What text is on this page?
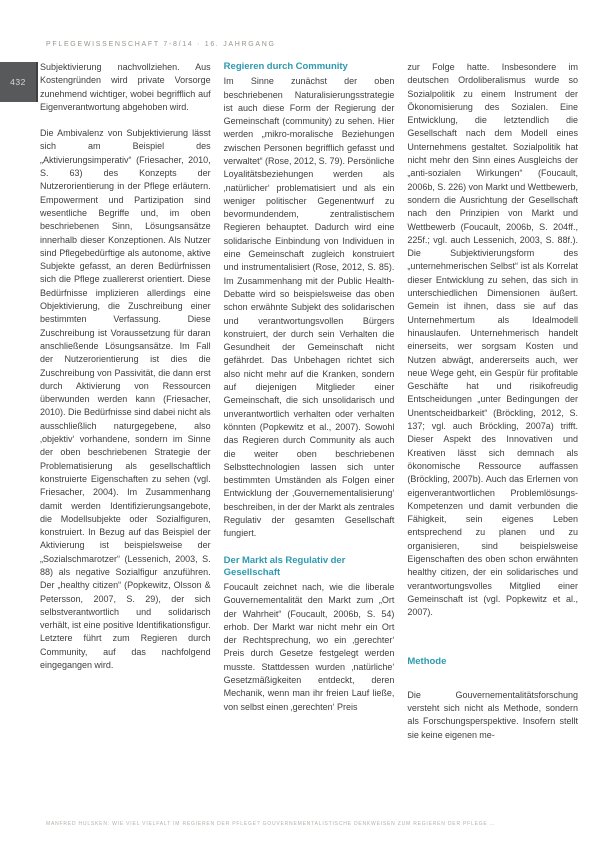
PFLEGEWISSENSCHAFT 7-8/14 · 16. JAHRGANG
432

Subjektivierung nachvollziehen. Aus Kostengründen wird private Vorsorge zunehmend wichtiger, wobei begrifflich auf Eigenverantwortung abgehoben wird.

Die Ambivalenz von Subjektivierung lässt sich am Beispiel des „Aktivierungsimperativ“ (Friesacher, 2010, S. 63) des Konzepts der Nutzerorientierung in der Pflege erläutern. Empowerment und Partizipation sind wesentliche Begriffe und, im oben beschriebenen Sinn, Lösungsansätze innerhalb dieser Konzeptionen. Als Nutzer sind Pflegebedürftige als autonome, aktive Subjekte gefasst, an deren Bedürfnissen sich die Pflege zuallererst orientiert. Diese Bedürfnisse implizieren allerdings eine Objektivierung, die Zuschreibung einer bestimmten Verfassung. Diese Zuschreibung ist Voraussetzung für daran anschließende Lösungsansätze. Im Fall der Nutzerorientierung ist dies die Zuschreibung von Passivität, die dann erst durch Aktivierung von Ressourcen überwunden werden kann (Friesacher, 2010). Die Bedürfnisse sind dabei nicht als ausschließlich naturgegebene, also ‚objektiv‘ vorhandene, sondern im Sinne der oben beschriebenen Strategie der Problematisierung als gesellschaftlich konstruierte Eigenschaften zu sehen (vgl. Friesacher, 2004). Im Zusammenhang damit werden Identifizierungsangebote, die Modellsubjekte oder Sozialfiguren, konstruiert. In Bezug auf das Beispiel der Aktivierung ist beispielsweise der „Sozialschmarotzer“ (Lessenich, 2003, S. 88) als negative Sozialfigur anzuführen. Der „healthy citizen“ (Popkewitz, Olsson & Petersson, 2007, S. 29), der sich selbstverantwortlich und solidarisch verhält, ist eine positive Identifikationsfigur. Letztere führt zum Regieren durch Community, auf das nachfolgend eingegangen wird.

Regieren durch Community

Im Sinne zunächst der oben beschriebenen Naturalisierungsstrategie ist auch diese Form der Regierung der Gemeinschaft (community) zu sehen. Hier werden „mikro-moralische Beziehungen zwischen Personen begrifflich gefasst und verwaltet“ (Rose, 2012, S. 79). Persönliche Loyalitätsbeziehungen werden als ‚natürlicher‘ problematisiert und als ein weniger politischer Gegenentwurf zu bevormundendem, zentralistischem Regieren behauptet. Dadurch wird eine solidarische Einbindung von Individuen in eine Gemeinschaft zugleich konstruiert und instrumentalisiert (Rose, 2012, S. 85). Im Zusammenhang mit der Public Health-Debatte wird so beispielsweise das oben schon erwähnte Subjekt des solidarischen und verantwortungsvollen Bürgers konstruiert, der durch sein Verhalten die Gesundheit der Gemeinschaft nicht gefährdet. Das Unbehagen richtet sich also nicht mehr auf die Kranken, sondern auf diejenigen Mitglieder einer Gemeinschaft, die sich unsolidarisch und unverantwortlich verhalten oder verhalten könnten (Popkewitz et al., 2007). Sowohl das Regieren durch Community als auch die weiter oben beschriebenen Selbsttechnologien lassen sich unter bestimmten Umständen als Folgen einer Entwicklung der ‚Gouvernementalisierung‘ beschreiben, in der der Markt als zentrales Regulativ der gesamten Gesellschaft fungiert.

Der Markt als Regulativ der Gesellschaft

Foucault zeichnet nach, wie die liberale Gouvernementalität den Markt zum „Ort der Wahrheit“ (Foucault, 2006b, S. 54) erhob. Der Markt war nicht mehr ein Ort der Rechtsprechung, wo ein ‚gerechter‘ Preis durch Gesetze festgelegt werden musste. Stattdessen wurden ‚natürliche‘ Gesetzmäßigkeiten entdeckt, deren Mechanik, wenn man ihr freien Lauf ließe, von selbst einen ‚gerechten‘ Preis

zur Folge hatte. Insbesondere im deutschen Ordoliberalismus wurde so Sozialpolitik zu einem Instrument der Ökonomisierung des Sozialen. Eine Entwicklung, die letztendlich die Gesellschaft nach dem Modell eines Unternehmens gestaltet. Sozialpolitik hat nicht mehr den Sinn eines Ausgleichs der „anti-sozialen Wirkungen“ (Foucault, 2006b, S. 226) von Markt und Wettbewerb, sondern die Ausrichtung der Gesellschaft nach den Prinzipien von Markt und Wettbewerb (Foucault, 2006b, S. 204ff., 225f.; vgl. auch Lessenich, 2003, S. 88f.). Die Subjektivierungsform des „unternehmerischen Selbst“ ist als Korrelat dieser Entwicklung zu sehen, das sich in unterschiedlichen Dimensionen äußert. Gemein ist ihnen, dass sie auf das Unternehmertum als Idealmodell hinauslaufen. Unternehmerisch handelt einerseits, wer sorgsam Kosten und Nutzen abwägt, andererseits auch, wer neue Wege geht, ein Gespür für profitable Geschäfte hat und risikofreudig Entscheidungen „unter Bedingungen der Unentscheidbarkeit“ (Bröckling, 2012, S. 137; vgl. auch Bröckling, 2007a) trifft. Dieser Aspekt des Innovativen und Kreativen lässt sich demnach als ökonomische Ressource auffassen (Bröckling, 2007b). Auch das Erlernen von eigenverantwortlichen Problemlösungs-Kompetenzen und damit verbunden die Fähigkeit, sein eigenes Leben entsprechend zu planen und zu organisieren, sind beispielsweise Eigenschaften des oben schon erwähnten healthy citizen, der ein solidarisches und verantwortungsvolles Mitglied einer Gemeinschaft ist (vgl. Popkewitz et al., 2007).

Methode

Die Gouvernementalitätsforschung versteht sich nicht als Methode, sondern als Forschungsperspektive. Insofern stellt sie keine eigenen me-

MANFRED HÜLSKEN: WIE VIEL VIELFALT IM REGIEREN DER PFLEGE? GOUVERNEMENTALISTISCHE DENKWEISEN ZUM REGIEREN DER PFLEGE …
